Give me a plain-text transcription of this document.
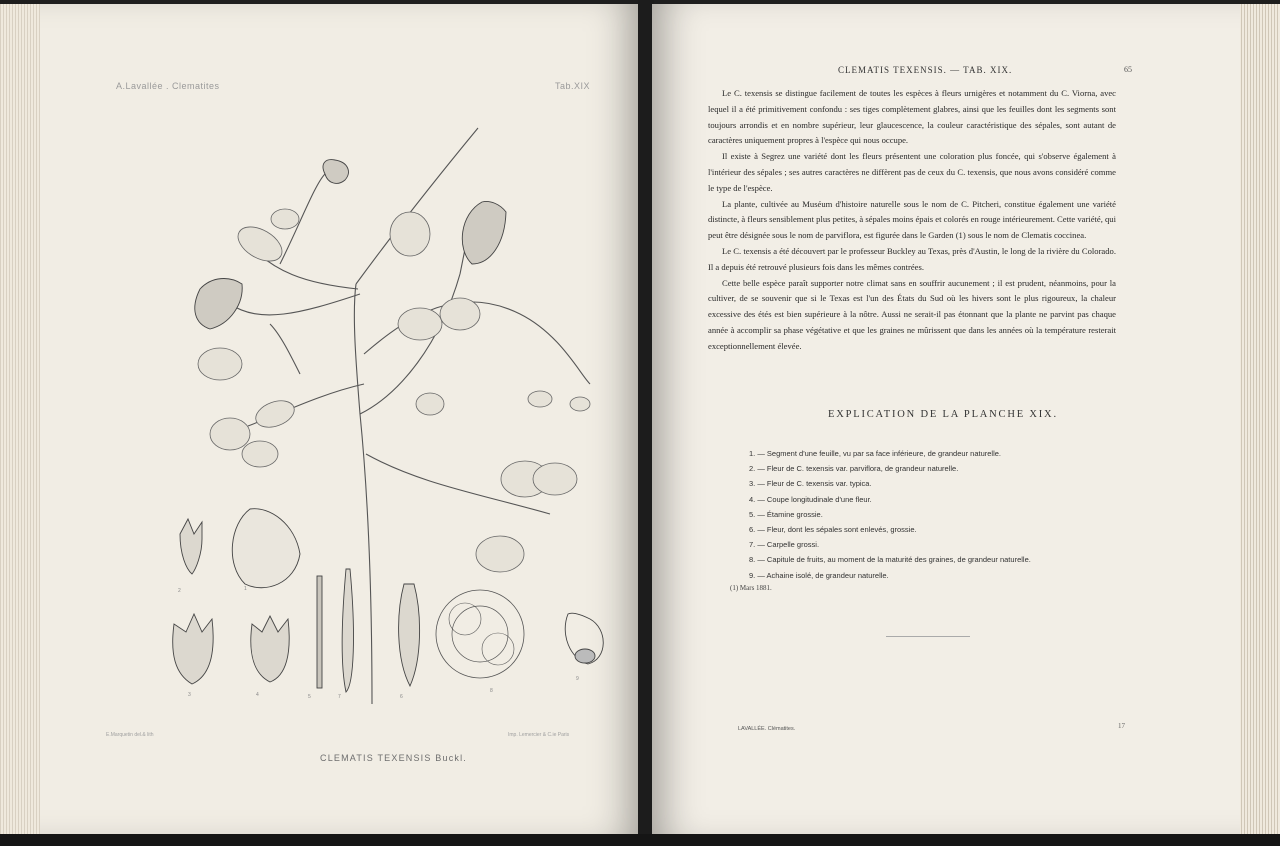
A.Lavallée . Clematites	Tab.XIX
2	1
3	4	5	7	6
8
9
E.Marquetin del.& lith	Imp. Lemercier & C.ie Paris
CLEMATIS TEXENSIS Buckl.
CLEMATIS TEXENSIS. — TAB. XIX.	65

Le C. texensis se distingue facilement de toutes les espèces à fleurs urnigères et notamment du C. Viorna, avec lequel il a été primitivement confondu : ses tiges complètement glabres, ainsi que les feuilles dont les segments sont toujours arrondis et en nombre supérieur, leur glaucescence, la couleur caractéristique des sépales, sont autant de caractères uniquement propres à l'espèce qui nous occupe.

Il existe à Segrez une variété dont les fleurs présentent une coloration plus foncée, qui s'observe également à l'intérieur des sépales ; ses autres caractères ne diffèrent pas de ceux du C. texensis, que nous avons considéré comme le type de l'espèce.

La plante, cultivée au Muséum d'histoire naturelle sous le nom de C. Pitcheri, constitue également une variété distincte, à fleurs sensiblement plus petites, à sépales moins épais et colorés en rouge intérieurement. Cette variété, qui peut être désignée sous le nom de parviflora, est figurée dans le Garden (1) sous le nom de Clematis coccinea.

Le C. texensis a été découvert par le professeur Buckley au Texas, près d'Austin, le long de la rivière du Colorado. Il a depuis été retrouvé plusieurs fois dans les mêmes contrées.

Cette belle espèce paraît supporter notre climat sans en souffrir aucunement ; il est prudent, néanmoins, pour la cultiver, de se souvenir que si le Texas est l'un des États du Sud où les hivers sont le plus rigoureux, la chaleur excessive des étés est bien supérieure à la nôtre. Aussi ne serait-il pas étonnant que la plante ne parvint pas chaque année à accomplir sa phase végétative et que les graines ne mûrissent que dans les années où la température resterait exceptionnellement élevée.

EXPLICATION DE LA PLANCHE XIX.
1. — Segment d'une feuille, vu par sa face inférieure, de grandeur naturelle.
2. — Fleur de C. texensis var. parviflora, de grandeur naturelle.
3. — Fleur de C. texensis var. typica.
4. — Coupe longitudinale d'une fleur.
5. — Étamine grossie.
6. — Fleur, dont les sépales sont enlevés, grossie.
7. — Carpelle grossi.
8. — Capitule de fruits, au moment de la maturité des graines, de grandeur naturelle.
9. — Achaine isolé, de grandeur naturelle.
(1) Mars 1881.
LAVALLÉE. Clématites.	17
